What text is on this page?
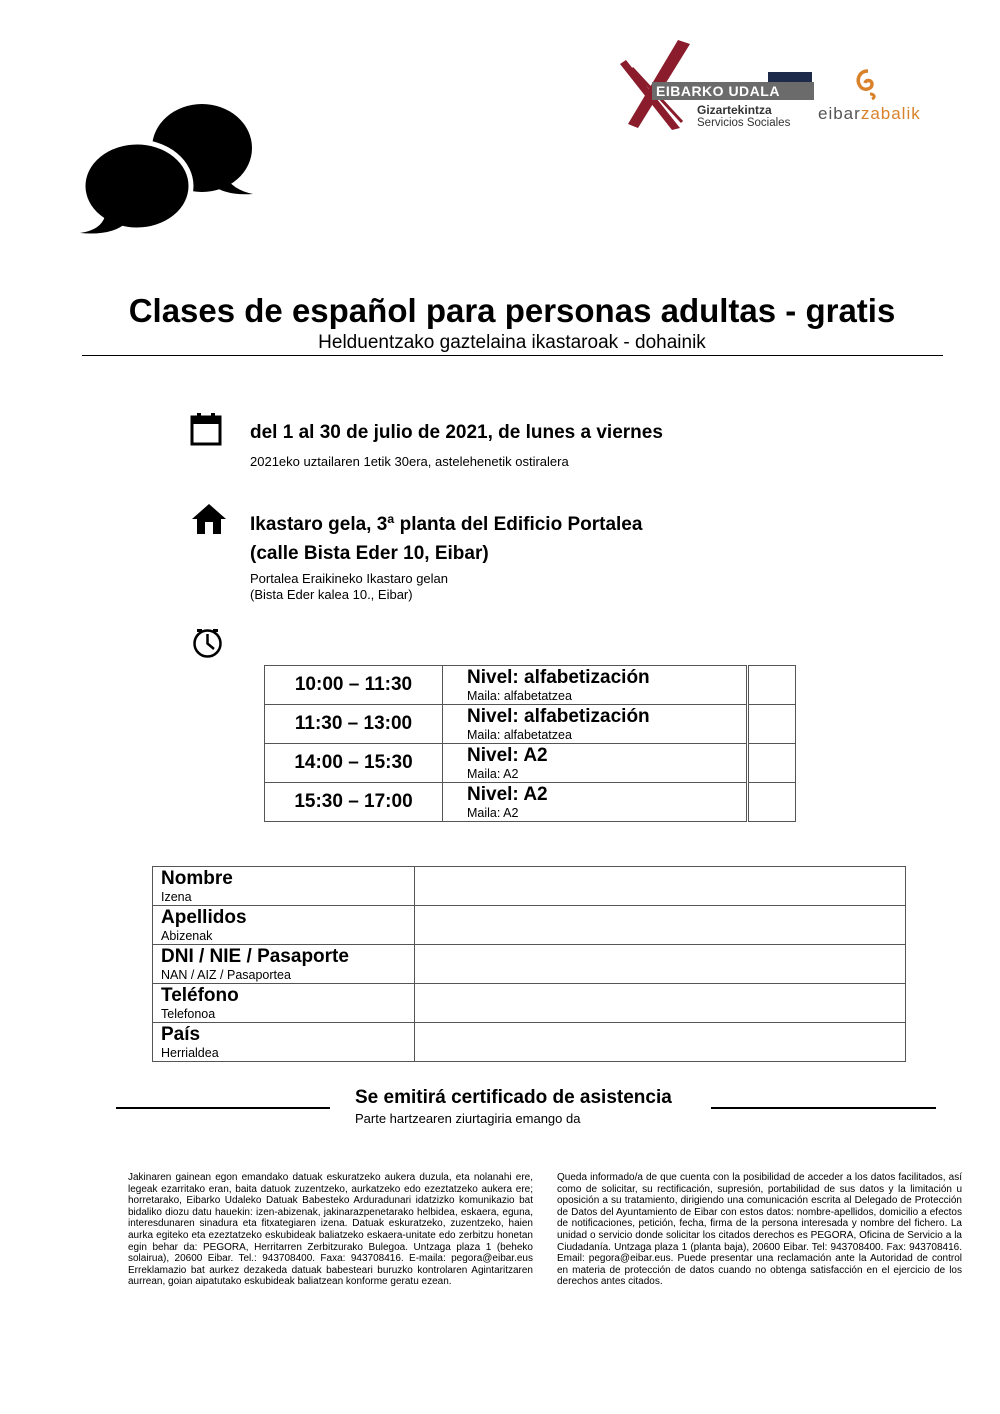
EIBARKO UDALA
Gizartekintza
Servicios Sociales eibarzabalik
Clases de español para personas adultas - gratis
Helduentzako gaztelaina ikastaroak - dohainik
del 1 al 30 de julio de 2021, de lunes a viernes
2021eko uztailaren 1etik 30era, astelehenetik ostiralera
Ikastaro gela, 3ª planta del Edificio Portalea
(calle Bista Eder 10, Eibar)
Portalea Eraikineko Ikastaro gelan
(Bista Eder kalea 10., Eibar)
10:00 – 11:30	Nivel: alfabetización
Maila: alfabetatzea

11:30 – 13:00	Nivel: alfabetización
Maila: alfabetatzea

14:00 – 15:30	Nivel: A2
Maila: A2

15:30 – 17:00	Nivel: A2
Maila: A2

Nombre
Izena	

Apellidos
Abizenak	

DNI / NIE / Pasaporte
NAN / AIZ / Pasaportea	

Teléfono
Telefonoa	

País
Herrialdea	

Se emitirá certificado de asistencia
Parte hartzearen ziurtagiria emango da
Jakinaren gainean egon emandako datuak eskuratzeko aukera duzula, eta nolanahi ere, legeak ezarritako eran, baita datuok zuzentzeko, aurkatzeko edo ezeztatzeko aukera ere; horretarako, Eibarko Udaleko Datuak Babesteko Arduradunari idatzizko komunikazio bat bidaliko diozu datu hauekin: izen-abizenak, jakinarazpenetarako helbidea, eskaera, eguna, interesdunaren sinadura eta fitxategiaren izena. Datuak eskuratzeko, zuzentzeko, haien aurka egiteko eta ezeztatzeko eskubideak baliatzeko eskaera-unitate edo zerbitzu honetan egin behar da: PEGORA, Herritarren Zerbitzurako Bulegoa. Untzaga plaza 1 (beheko solairua), 20600 Eibar. Tel.: 943708400. Faxa: 943708416. E-maila: pegora@eibar.eus Erreklamazio bat aurkez dezakeda datuak babesteari buruzko kontrolaren Agintaritzaren aurrean, goian aipatutako eskubideak baliatzean konforme geratu ezean.
Queda informado/a de que cuenta con la posibilidad de acceder a los datos facilitados, así como de solicitar, su rectificación, supresión, portabilidad de sus datos y la limitación u oposición a su tratamiento, dirigiendo una comunicación escrita al Delegado de Protección de Datos del Ayuntamiento de Eibar con estos datos: nombre-apellidos, domicilio a efectos de notificaciones, petición, fecha, firma de la persona interesada y nombre del fichero. La unidad o servicio donde solicitar los citados derechos es PEGORA, Oficina de Servicio a la Ciudadanía. Untzaga plaza 1 (planta baja), 20600 Eibar. Tel: 943708400. Fax: 943708416. Email: pegora@eibar.eus. Puede presentar una reclamación ante la Autoridad de control en materia de protección de datos cuando no obtenga satisfacción en el ejercicio de los derechos antes citados.
